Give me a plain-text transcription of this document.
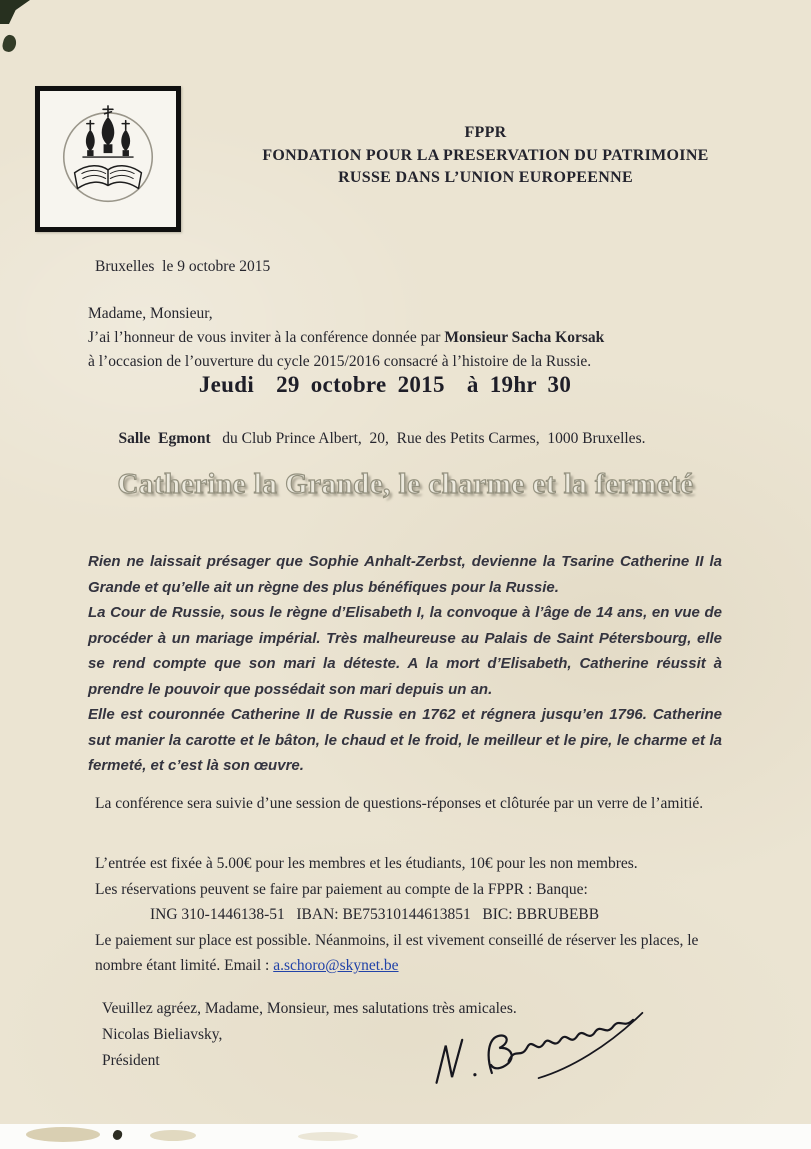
FPPR
FONDATION POUR LA PRESERVATION DU PATRIMOINE
RUSSE DANS L’UNION EUROPEENNE
Bruxelles  le 9 octobre 2015

Madame, Monsieur,

J’ai l’honneur de vous inviter à la conférence donnée par Monsieur Sacha Korsak

à l’occasion de l’ouverture du cycle 2015/2016 consacré à l’histoire de la Russie.

Jeudi  29 octobre 2015  à 19hr 30

Salle  Egmont   du Club Prince Albert,  20,  Rue des Petits Carmes,  1000 Bruxelles.

Catherine la Grande, le charme et la fermeté

Rien ne laissait présager que Sophie Anhalt-Zerbst, devienne la Tsarine Catherine II la Grande et qu’elle ait un règne des plus bénéfiques pour la Russie.

La Cour de Russie, sous le règne d’Elisabeth I, la convoque à l’âge de 14 ans, en vue de procéder à un mariage impérial. Très malheureuse au Palais de Saint Pétersbourg, elle se rend compte que son mari la déteste. A la mort d’Elisabeth, Catherine réussit à prendre le pouvoir que possédait son mari depuis un an.

Elle est couronnée Catherine II de Russie en 1762 et régnera jusqu’en 1796. Catherine sut manier la carotte et le bâton, le chaud et le froid, le meilleur et le pire, le charme et la fermeté, et c’est là son œuvre.

La conférence sera suivie d’une session de questions-réponses et clôturée par un verre de l’amitié.

L’entrée est fixée à 5.00€ pour les membres et les étudiants, 10€ pour les non membres.

Les réservations peuvent se faire par paiement au compte de la FPPR : Banque:

ING 310-1446138-51   IBAN: BE75310144613851   BIC: BBRUBEBB

Le paiement sur place est possible. Néanmoins, il est vivement conseillé de réserver les places, le nombre étant limité. Email : a.schoro@skynet.be

Veuillez agréez, Madame, Monsieur, mes salutations très amicales.

Nicolas Bieliavsky,

Président
